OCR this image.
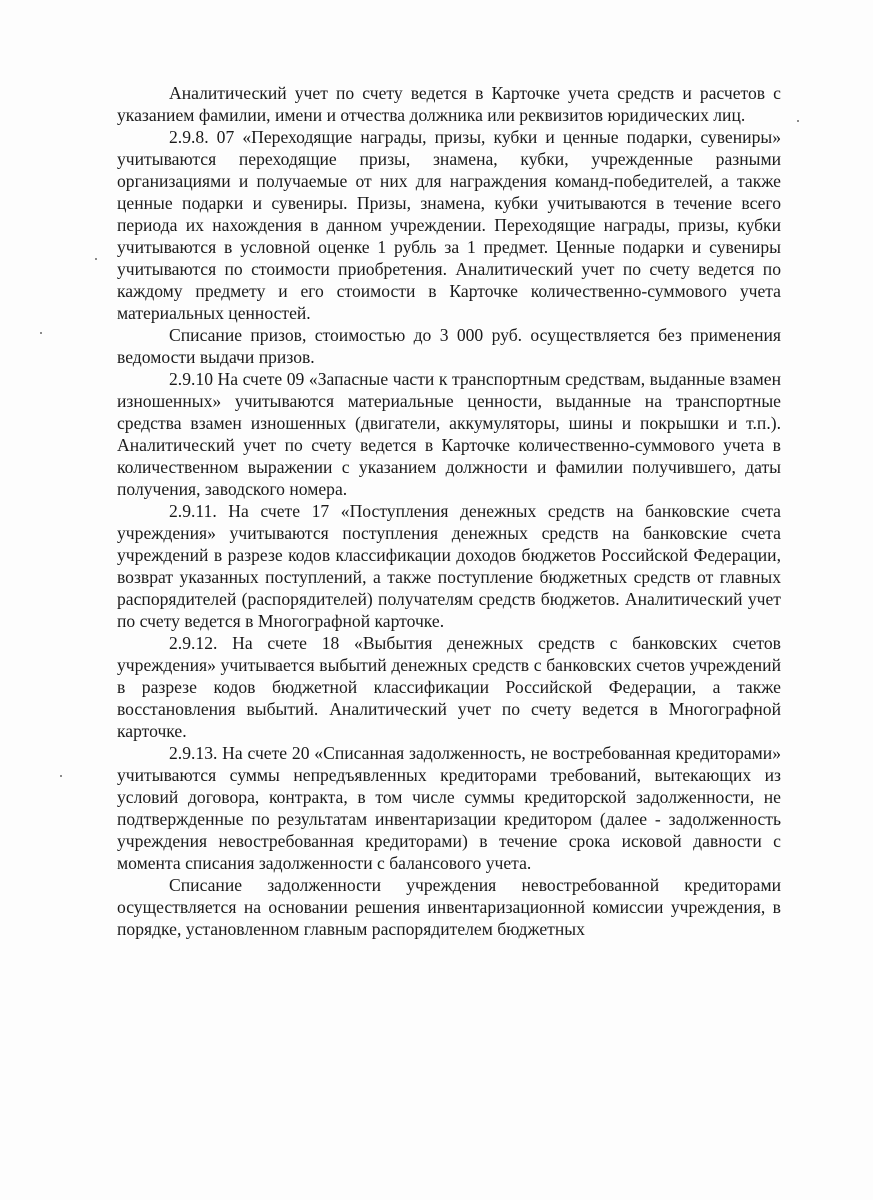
Аналитический учет по счету ведется в Карточке учета средств и расчетов с указанием фамилии, имени и отчества должника или реквизитов юридических лиц.

2.9.8. 07 «Переходящие награды, призы, кубки и ценные подарки, сувениры» учитываются переходящие призы, знамена, кубки, учрежденные разными организациями и получаемые от них для награждения команд-победителей, а также ценные подарки и сувениры. Призы, знамена, кубки учитываются в течение всего периода их нахождения в данном учреждении. Переходящие награды, призы, кубки учитываются в условной оценке 1 рубль за 1 предмет. Ценные подарки и сувениры учитываются по стоимости приобретения. Аналитический учет по счету ведется по каждому предмету и его стоимости в Карточке количественно-суммового учета материальных ценностей.

Списание призов, стоимостью до 3 000 руб. осуществляется без применения ведомости выдачи призов.

2.9.10 На счете 09 «Запасные части к транспортным средствам, выданные взамен изношенных» учитываются материальные ценности, выданные на транспортные средства взамен изношенных (двигатели, аккумуляторы, шины и покрышки и т.п.). Аналитический учет по счету ведется в Карточке количественно-суммового учета в количественном выражении с указанием должности и фамилии получившего, даты получения, заводского номера.

2.9.11. На счете 17 «Поступления денежных средств на банковские счета учреждения» учитываются поступления денежных средств на банковские счета учреждений в разрезе кодов классификации доходов бюджетов Российской Федерации, возврат указанных поступлений, а также поступление бюджетных средств от главных распорядителей (распорядителей) получателям средств бюджетов. Аналитический учет по счету ведется в Многографной карточке.

2.9.12. На счете 18 «Выбытия денежных средств с банковских счетов учреждения» учитывается выбытий денежных средств с банковских счетов учреждений в разрезе кодов бюджетной классификации Российской Федерации, а также восстановления выбытий. Аналитический учет по счету ведется в Многографной карточке.

2.9.13. На счете 20 «Списанная задолженность, не востребованная кредиторами» учитываются суммы непредъявленных кредиторами требований, вытекающих из условий договора, контракта, в том числе суммы кредиторской задолженности, не подтвержденные по результатам инвентаризации кредитором (далее - задолженность учреждения невостребованная кредиторами) в течение срока исковой давности с момента списания задолженности с балансового учета.

Списание задолженности учреждения невостребованной кредиторами осуществляется на основании решения инвентаризационной комиссии учреждения, в порядке, установленном главным распорядителем бюджетных
